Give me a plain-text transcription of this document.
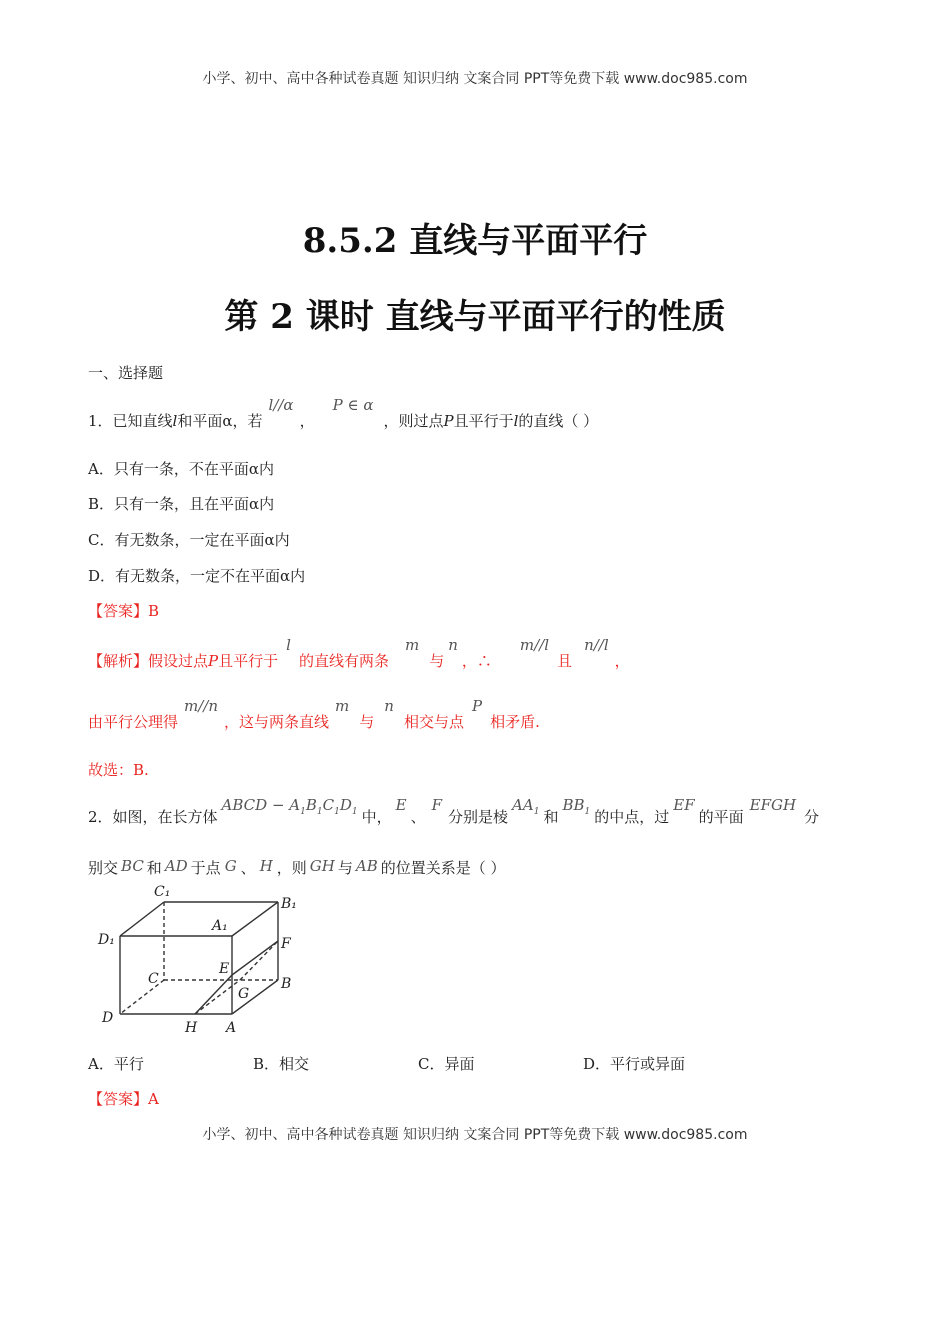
小学、初中、高中各种试卷真题 知识归纳 文案合同 PPT等免费下载 www.doc985.com
8.5.2 直线与平面平行
第 2 课时 直线与平面平行的性质
一、选择题
1．已知直线l和平面α，若l//α，P ∈ α，则过点P且平行于l的直线（ ）
A．只有一条，不在平面α内
B．只有一条，且在平面α内
C．有无数条，一定在平面α内
D．有无数条，一定不在平面α内
【答案】B
【解析】假设过点P且平行于l的直线有两条m与n，∴m//l且n//l，
由平行公理得m//n，这与两条直线m与n相交与点P相矛盾.
故选：B.
2．如图，在长方体ABCD − $A_1B_1C_1D_1$ 中，E、F分别是棱$AA_1$ 和$BB_1$ 的中点，过EF的平面EFGH分
别交 BC 和 AD 于点 G 、 H ，则 GH 与 AB 的位置关系是（ ）
C₁
B₁
A₁
D₁	F
E
C
G
B
D
H A
A．平行	B．相交	C．异面	D．平行或异面
【答案】A
小学、初中、高中各种试卷真题 知识归纳 文案合同 PPT等免费下载 www.doc985.com
